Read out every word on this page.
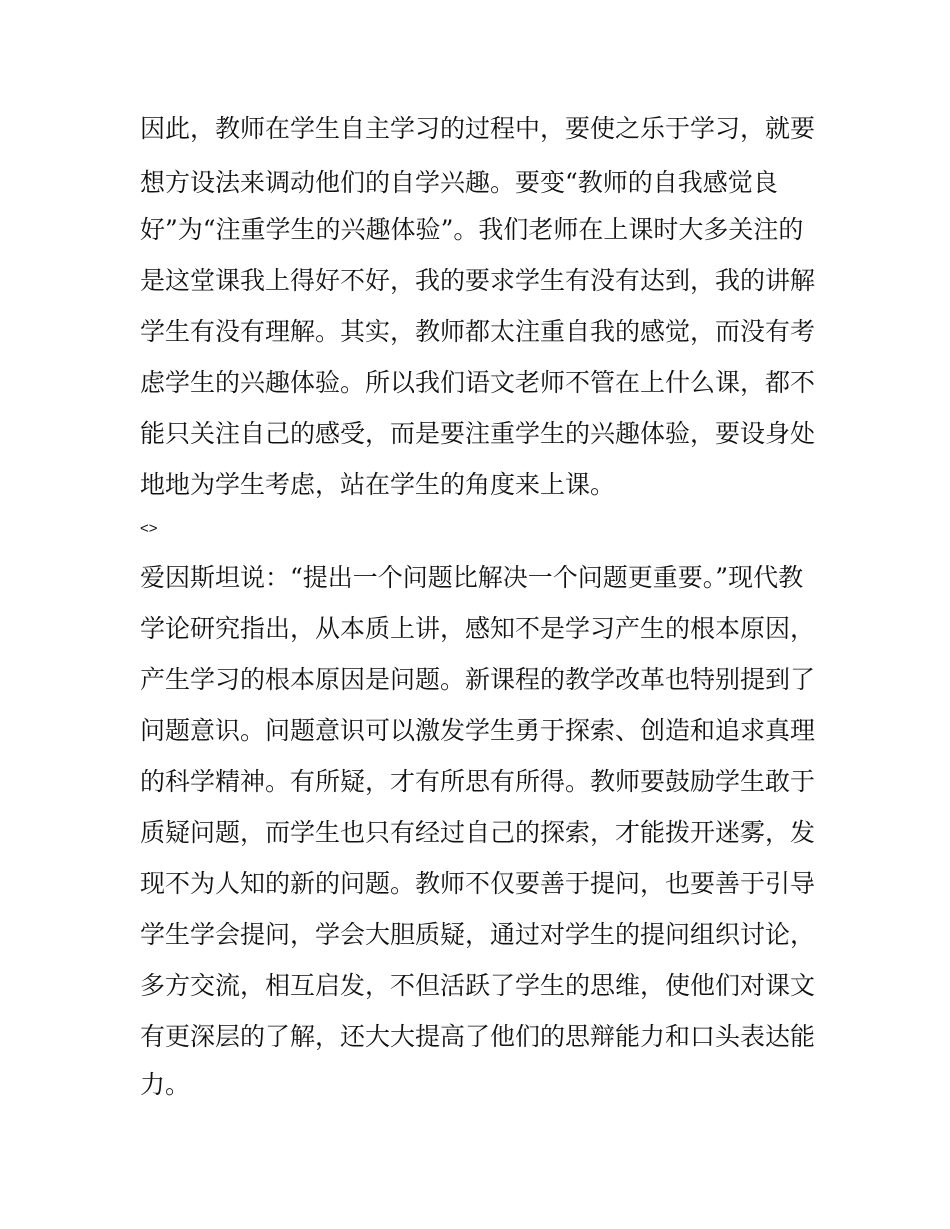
因此，教师在学生自主学习的过程中，要使之乐于学习，就要
想方设法来调动他们的自学兴趣。要变“教师的自我感觉良
好”为“注重学生的兴趣体验”。我们老师在上课时大多关注的
是这堂课我上得好不好，我的要求学生有没有达到，我的讲解
学生有没有理解。其实，教师都太注重自我的感觉，而没有考
虑学生的兴趣体验。所以我们语文老师不管在上什么课，都不
能只关注自己的感受，而是要注重学生的兴趣体验，要设身处
地地为学生考虑，站在学生的角度来上课。
<>
爱因斯坦说：“提出一个问题比解决一个问题更重要。”现代教
学论研究指出，从本质上讲，感知不是学习产生的根本原因，
产生学习的根本原因是问题。新课程的教学改革也特别提到了
问题意识。问题意识可以激发学生勇于探索、创造和追求真理
的科学精神。有所疑，才有所思有所得。教师要鼓励学生敢于
质疑问题，而学生也只有经过自己的探索，才能拨开迷雾，发
现不为人知的新的问题。教师不仅要善于提问，也要善于引导
学生学会提问，学会大胆质疑，通过对学生的提问组织讨论，
多方交流，相互启发，不但活跃了学生的思维，使他们对课文
有更深层的了解，还大大提高了他们的思辩能力和口头表达能
力。
